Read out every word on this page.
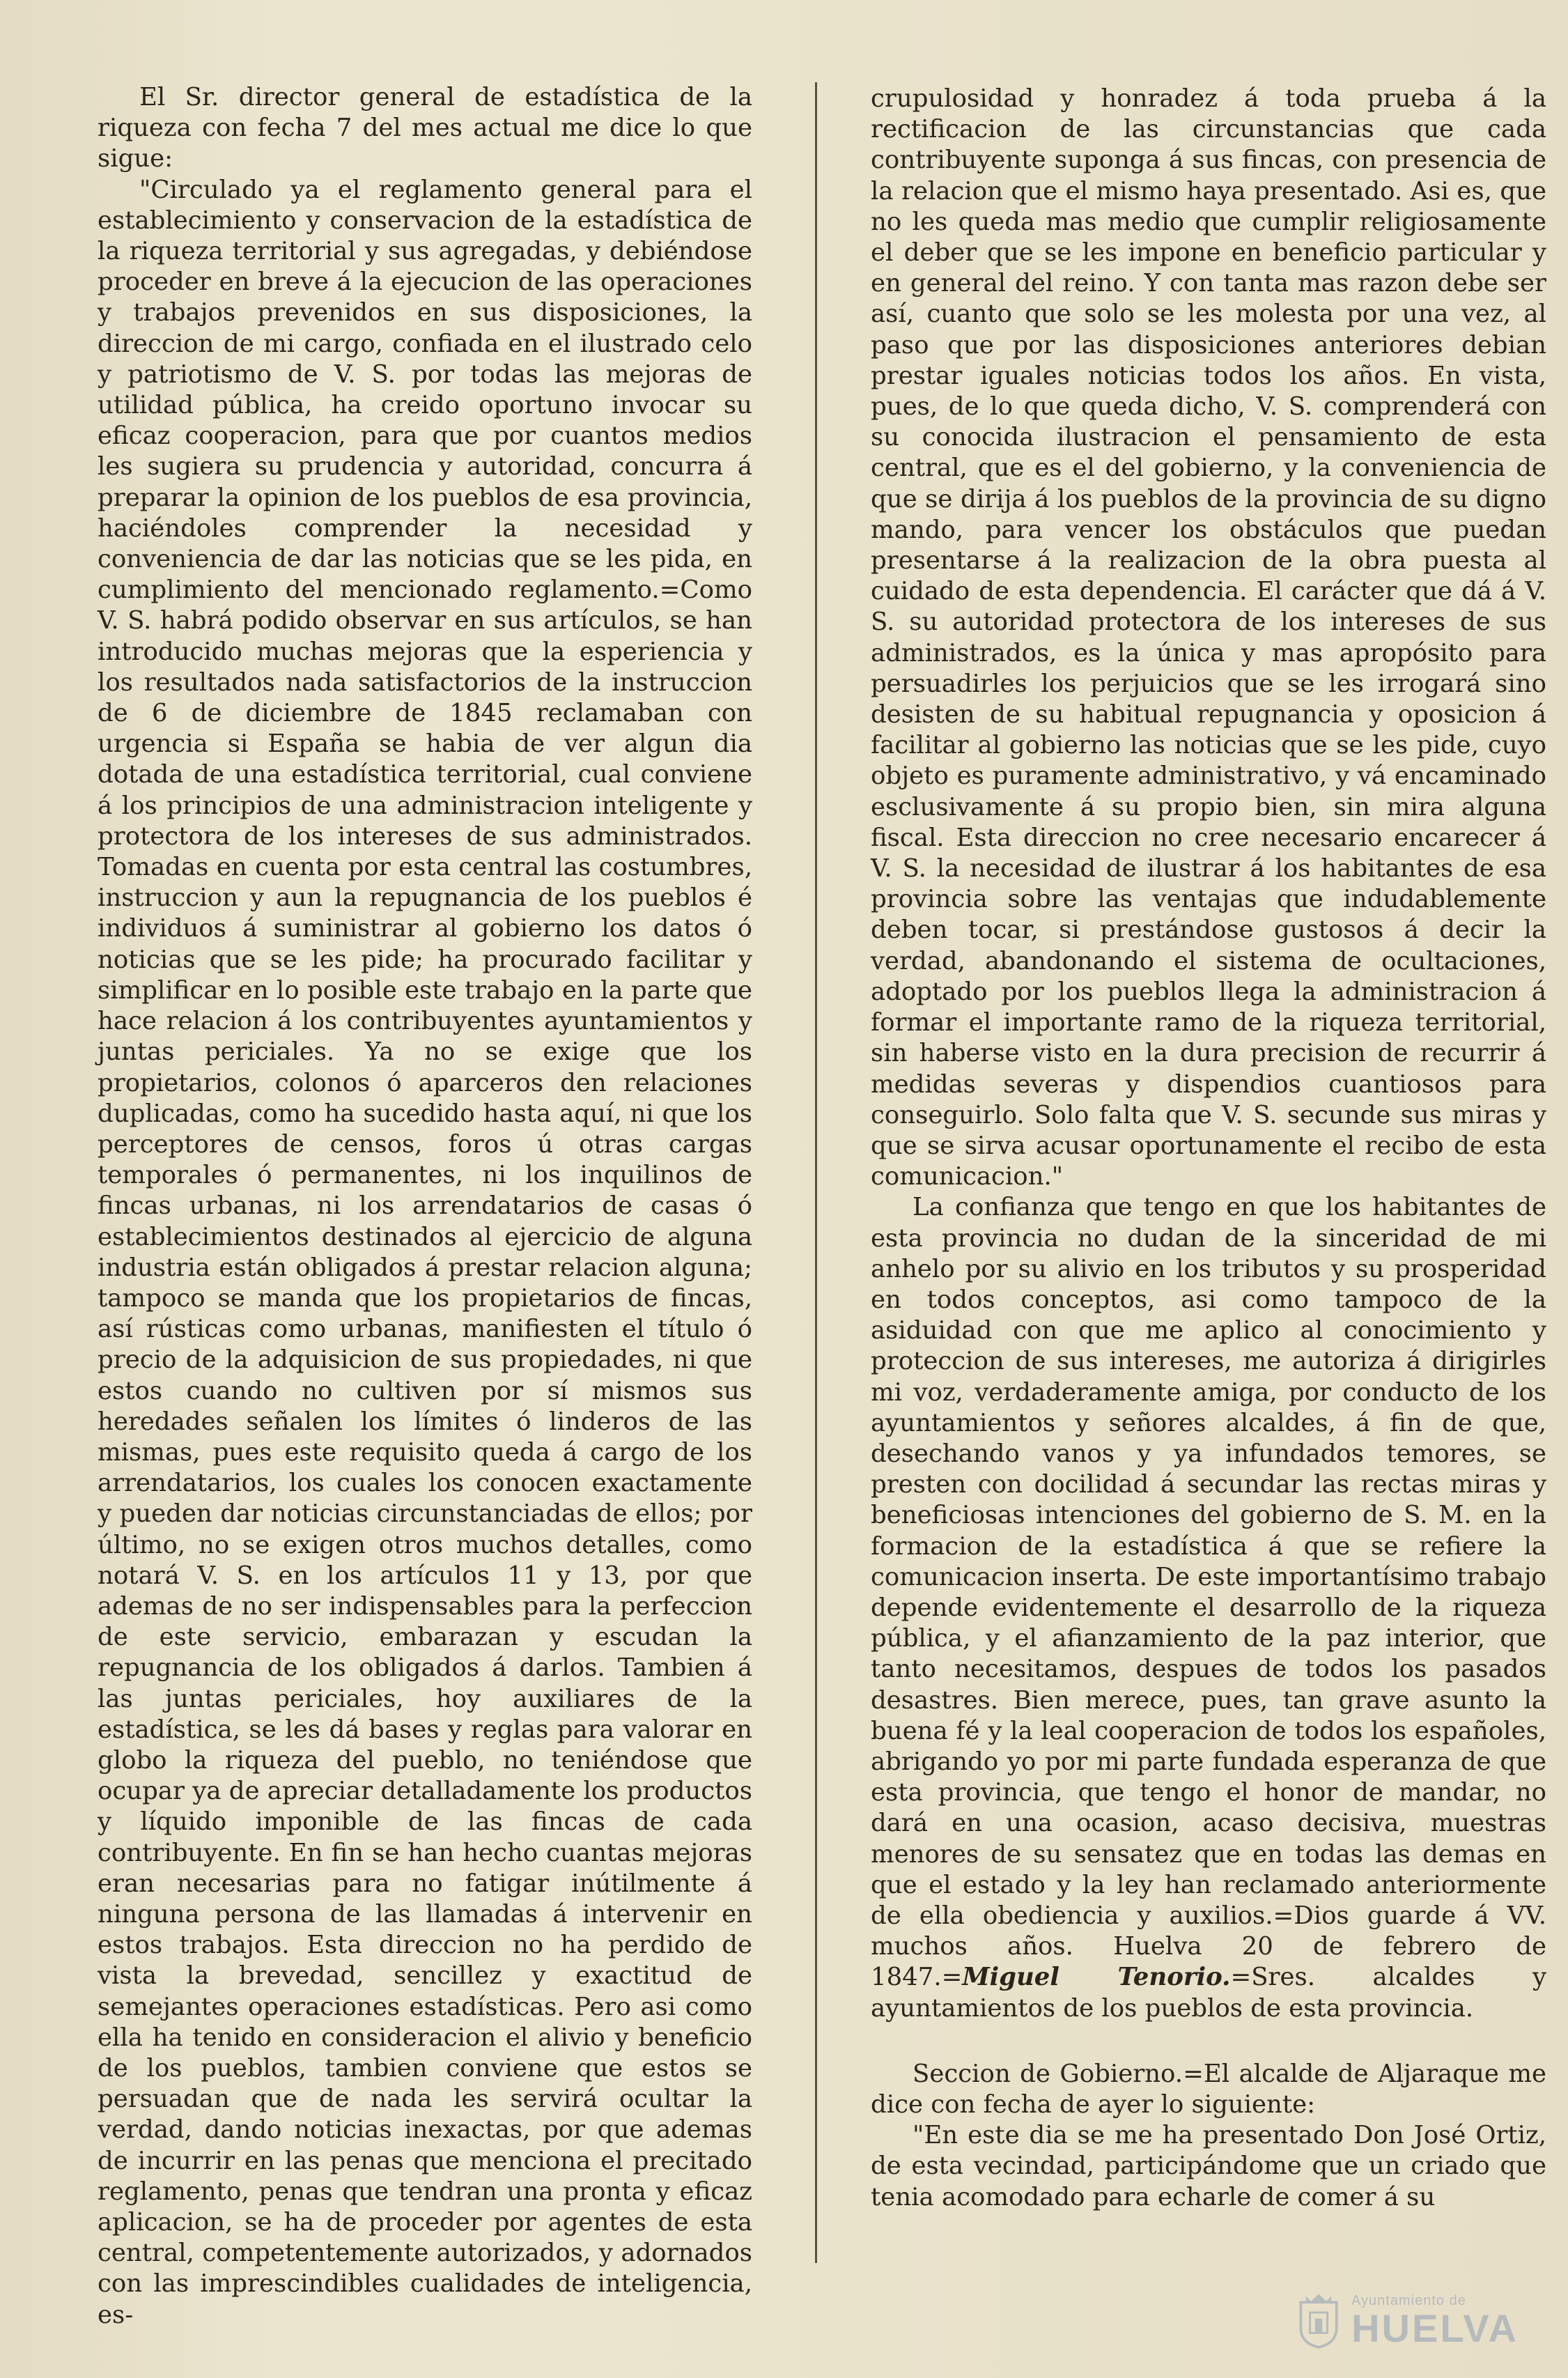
El Sr. director general de estadística de la riqueza con fecha 7 del mes actual me dice lo que sigue:

"Circulado ya el reglamento general para el establecimiento y conservacion de la estadística de la riqueza territorial y sus agregadas, y debiéndose proceder en breve á la ejecucion de las operaciones y trabajos prevenidos en sus disposiciones, la direccion de mi cargo, confiada en el ilustrado celo y patriotismo de V. S. por todas las mejoras de utilidad pública, ha creido oportuno invocar su eficaz cooperacion, para que por cuantos medios les sugiera su prudencia y autoridad, concurra á preparar la opinion de los pueblos de esa provincia, haciéndoles comprender la necesidad y conveniencia de dar las noticias que se les pida, en cumplimiento del mencionado reglamento.=Como V. S. habrá podido observar en sus artículos, se han introducido muchas mejoras que la esperiencia y los resultados nada satisfactorios de la instruccion de 6 de diciembre de 1845 reclamaban con urgencia si España se habia de ver algun dia dotada de una estadística territorial, cual conviene á los principios de una administracion inteligente y protectora de los intereses de sus administrados. Tomadas en cuenta por esta central las costumbres, instruccion y aun la repugnancia de los pueblos é individuos á suministrar al gobierno los datos ó noticias que se les pide; ha procurado facilitar y simplificar en lo posible este trabajo en la parte que hace relacion á los contribuyentes ayuntamientos y juntas periciales. Ya no se exige que los propietarios, colonos ó aparceros den relaciones duplicadas, como ha sucedido hasta aquí, ni que los perceptores de censos, foros ú otras cargas temporales ó permanentes, ni los inquilinos de fincas urbanas, ni los arrendatarios de casas ó establecimientos destinados al ejercicio de alguna industria están obligados á prestar relacion alguna; tampoco se manda que los propietarios de fincas, así rústicas como urbanas, manifiesten el título ó precio de la adquisicion de sus propiedades, ni que estos cuando no cultiven por sí mismos sus heredades señalen los límites ó linderos de las mismas, pues este requisito queda á cargo de los arrendatarios, los cuales los conocen exactamente y pueden dar noticias circunstanciadas de ellos; por último, no se exigen otros muchos detalles, como notará V. S. en los artículos 11 y 13, por que ademas de no ser indispensables para la perfeccion de este servicio, embarazan y escudan la repugnancia de los obligados á darlos. Tambien á las juntas periciales, hoy auxiliares de la estadística, se les dá bases y reglas para valorar en globo la riqueza del pueblo, no teniéndose que ocupar ya de apreciar detalladamente los productos y líquido imponible de las fincas de cada contribuyente. En fin se han hecho cuantas mejoras eran necesarias para no fatigar inútilmente á ninguna persona de las llamadas á intervenir en estos trabajos. Esta direccion no ha perdido de vista la brevedad, sencillez y exactitud de semejantes operaciones estadísticas. Pero asi como ella ha tenido en consideracion el alivio y beneficio de los pueblos, tambien conviene que estos se persuadan que de nada les servirá ocultar la verdad, dando noticias inexactas, por que ademas de incurrir en las penas que menciona el precitado reglamento, penas que tendran una pronta y eficaz aplicacion, se ha de proceder por agentes de esta central, competentemente autorizados, y adornados con las imprescindibles cualidades de inteligencia, es-

crupulosidad y honradez á toda prueba á la rectificacion de las circunstancias que cada contribuyente suponga á sus fincas, con presencia de la relacion que el mismo haya presentado. Asi es, que no les queda mas medio que cumplir religiosamente el deber que se les impone en beneficio particular y en general del reino. Y con tanta mas razon debe ser así, cuanto que solo se les molesta por una vez, al paso que por las disposiciones anteriores debian prestar iguales noticias todos los años. En vista, pues, de lo que queda dicho, V. S. comprenderá con su conocida ilustracion el pensamiento de esta central, que es el del gobierno, y la conveniencia de que se dirija á los pueblos de la provincia de su digno mando, para vencer los obstáculos que puedan presentarse á la realizacion de la obra puesta al cuidado de esta dependencia. El carácter que dá á V. S. su autoridad protectora de los intereses de sus administrados, es la única y mas apropósito para persuadirles los perjuicios que se les irrogará sino desisten de su habitual repugnancia y oposicion á facilitar al gobierno las noticias que se les pide, cuyo objeto es puramente administrativo, y vá encaminado esclusivamente á su propio bien, sin mira alguna fiscal. Esta direccion no cree necesario encarecer á V. S. la necesidad de ilustrar á los habitantes de esa provincia sobre las ventajas que indudablemente deben tocar, si prestándose gustosos á decir la verdad, abandonando el sistema de ocultaciones, adoptado por los pueblos llega la administracion á formar el importante ramo de la riqueza territorial, sin haberse visto en la dura precision de recurrir á medidas severas y dispendios cuantiosos para conseguirlo. Solo falta que V. S. secunde sus miras y que se sirva acusar oportunamente el recibo de esta comunicacion."

La confianza que tengo en que los habitantes de esta provincia no dudan de la sinceridad de mi anhelo por su alivio en los tributos y su prosperidad en todos conceptos, asi como tampoco de la asiduidad con que me aplico al conocimiento y proteccion de sus intereses, me autoriza á dirigirles mi voz, verdaderamente amiga, por conducto de los ayuntamientos y señores alcaldes, á fin de que, desechando vanos y ya infundados temores, se presten con docilidad á secundar las rectas miras y beneficiosas intenciones del gobierno de S. M. en la formacion de la estadística á que se refiere la comunicacion inserta. De este importantísimo trabajo depende evidentemente el desarrollo de la riqueza pública, y el afianzamiento de la paz interior, que tanto necesitamos, despues de todos los pasados desastres. Bien merece, pues, tan grave asunto la buena fé y la leal cooperacion de todos los españoles, abrigando yo por mi parte fundada esperanza de que esta provincia, que tengo el honor de mandar, no dará en una ocasion, acaso decisiva, muestras menores de su sensatez que en todas las demas en que el estado y la ley han reclamado anteriormente de ella obediencia y auxilios.=Dios guarde á VV. muchos años. Huelva 20 de febrero de 1847.=Miguel Tenorio.=Sres. alcaldes y ayuntamientos de los pueblos de esta provincia.

Seccion de Gobierno.=El alcalde de Aljaraque me dice con fecha de ayer lo siguiente:

"En este dia se me ha presentado Don José Ortiz, de esta vecindad, participándome que un criado que tenia acomodado para echarle de comer á su

Ayuntamiento de
HUELVA
